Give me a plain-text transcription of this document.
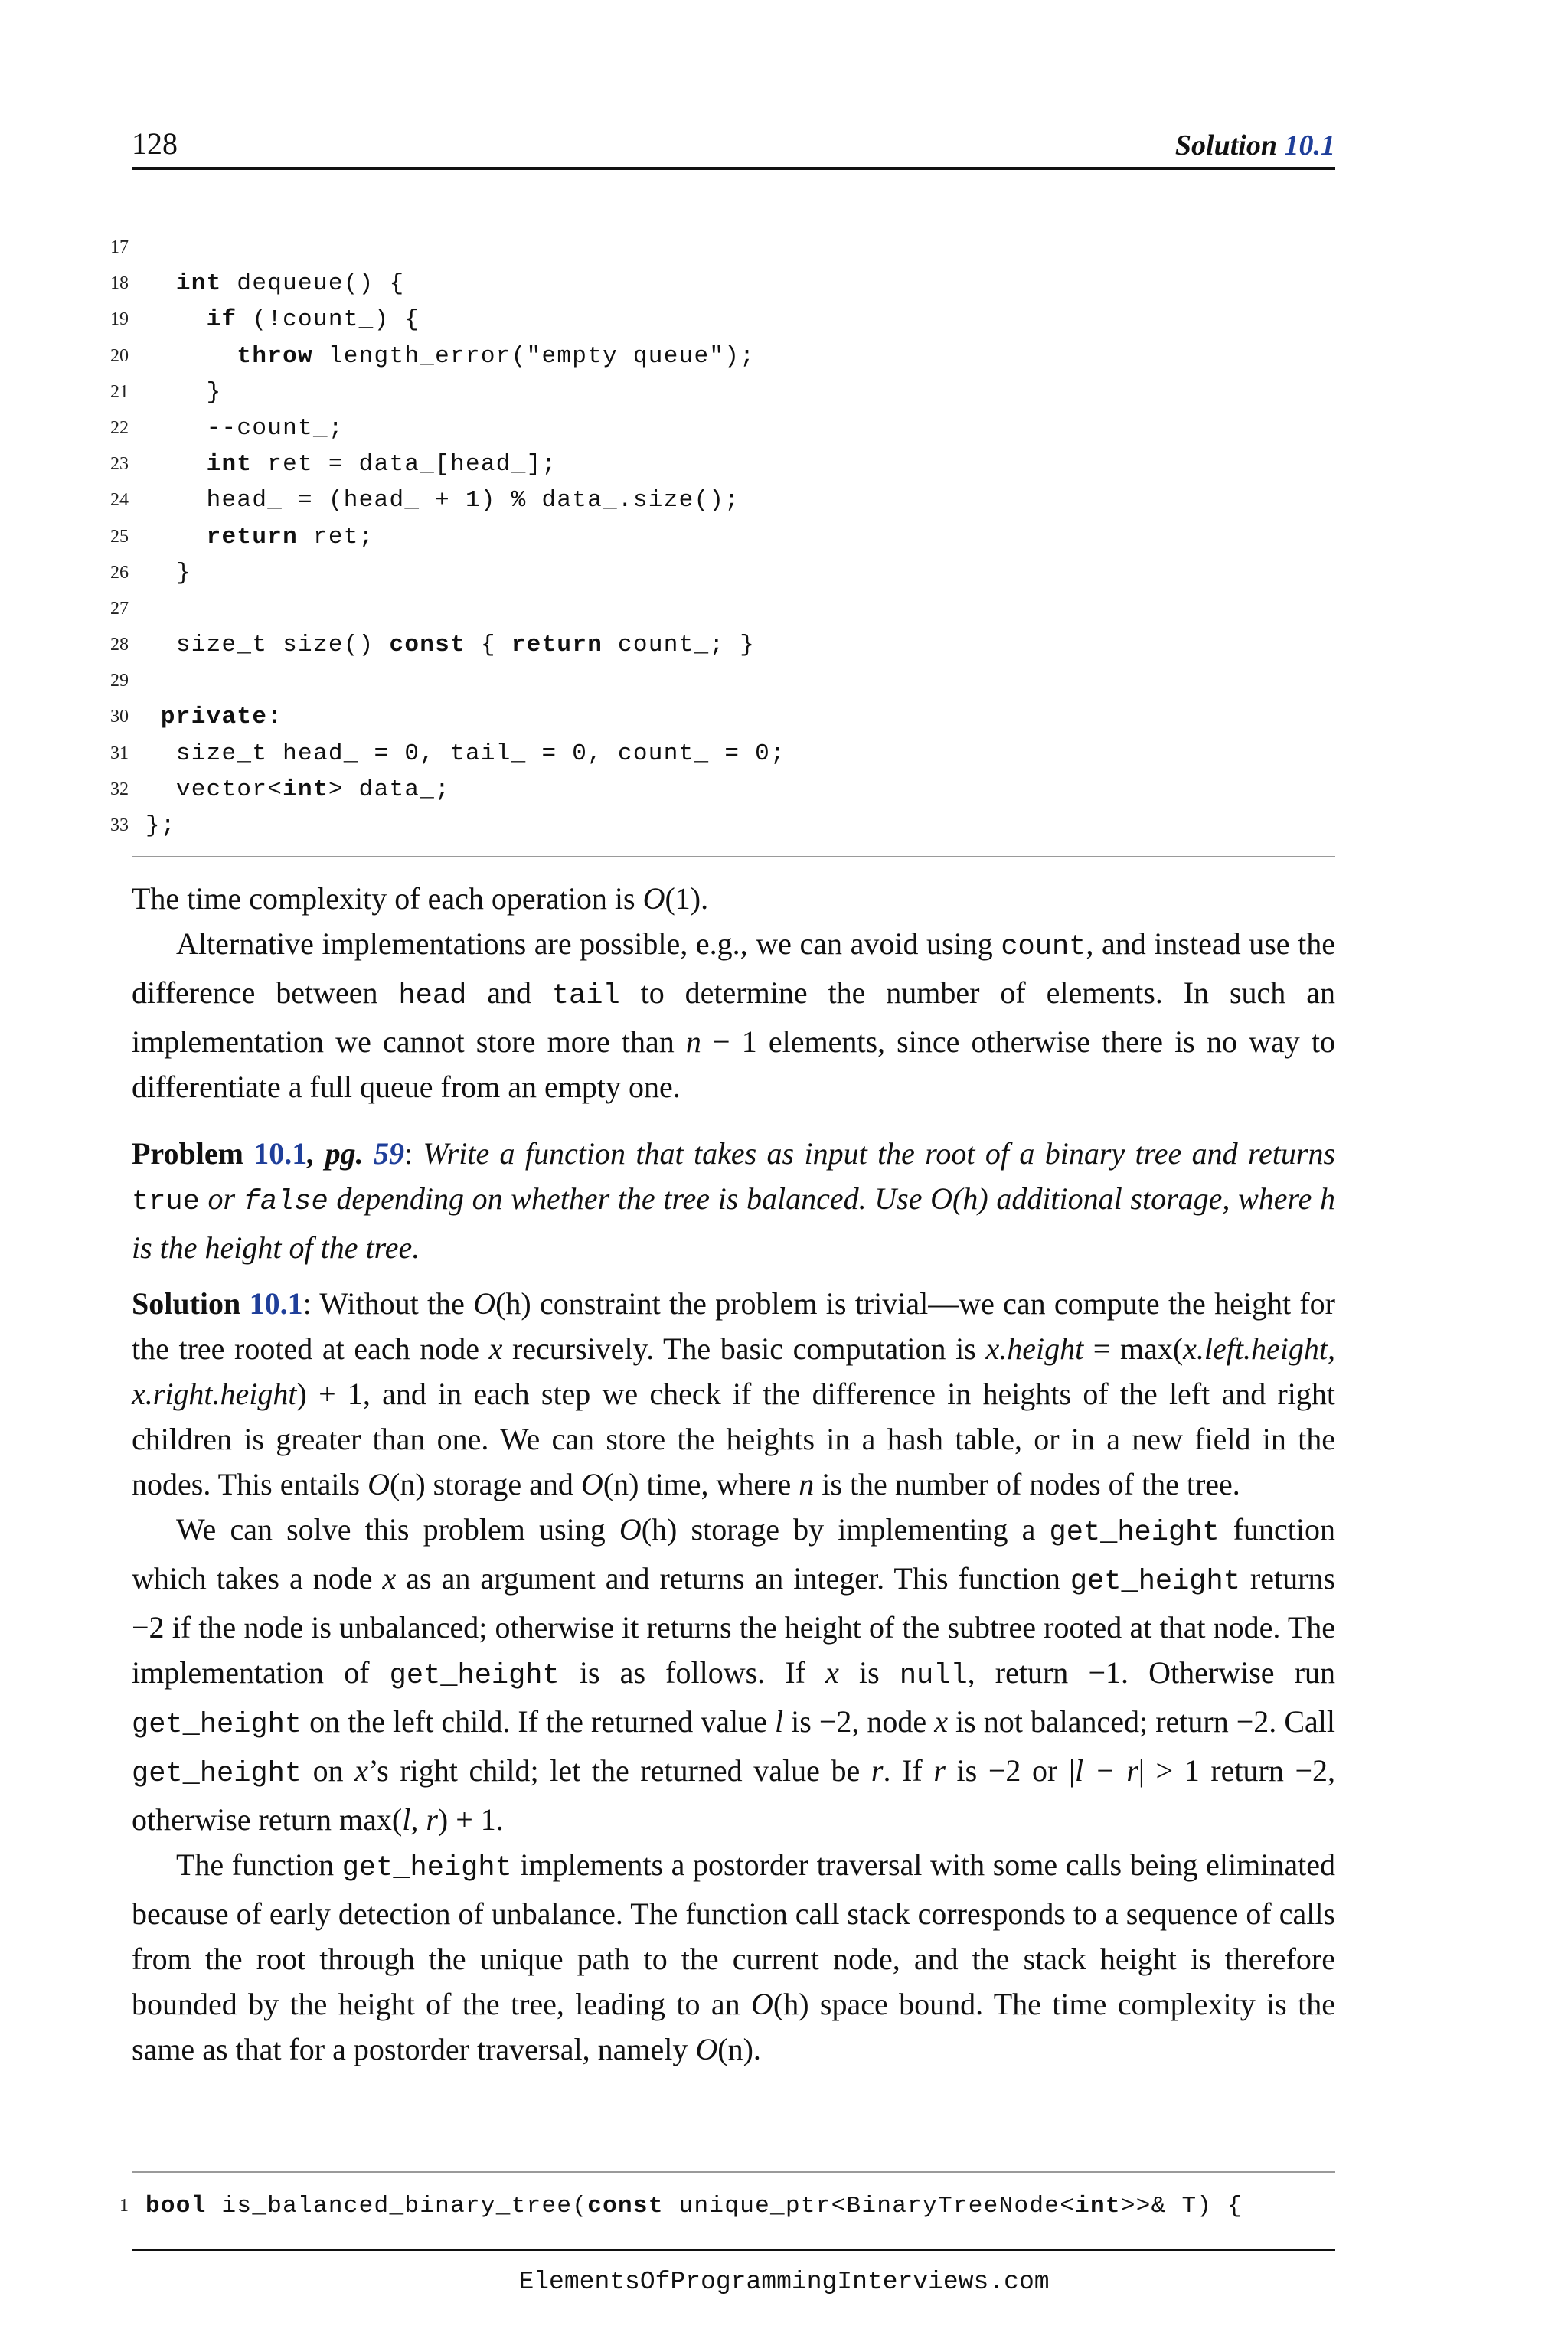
128	Solution 10.1
17
18	int dequeue() {
19	if (!count_) {
20	throw length_error("empty queue");
21	}
22	--count_;
23	int ret = data_[head_];
24	head_ = (head_ + 1) % data_.size();
25	return ret;
26	}
27
28	size_t size() const { return count_; }
29
30	private:
31	size_t head_ = 0, tail_ = 0, count_ = 0;
32	vector<int> data_;
33 };

The time complexity of each operation is O(1).

Alternative implementations are possible, e.g., we can avoid using count, and instead use the difference between head and tail to determine the number of elements. In such an implementation we cannot store more than n − 1 elements, since otherwise there is no way to differentiate a full queue from an empty one.

Problem 10.1, pg. 59: Write a function that takes as input the root of a binary tree and returns true or false depending on whether the tree is balanced. Use O(h) additional storage, where h is the height of the tree.

Solution 10.1: Without the O(h) constraint the problem is trivial—we can compute the height for the tree rooted at each node x recursively. The basic computation is x.height = max(x.left.height, x.right.height) + 1, and in each step we check if the difference in heights of the left and right children is greater than one. We can store the heights in a hash table, or in a new field in the nodes. This entails O(n) storage and O(n) time, where n is the number of nodes of the tree.

We can solve this problem using O(h) storage by implementing a get_height function which takes a node x as an argument and returns an integer. This function get_height returns −2 if the node is unbalanced; otherwise it returns the height of the subtree rooted at that node. The implementation of get_height is as follows. If x is null, return −1. Otherwise run get_height on the left child. If the returned value l is −2, node x is not balanced; return −2. Call get_height on x’s right child; let the returned value be r. If r is −2 or |l − r| > 1 return −2, otherwise return max(l, r) + 1.

The function get_height implements a postorder traversal with some calls being eliminated because of early detection of unbalance. The function call stack corresponds to a sequence of calls from the root through the unique path to the current node, and the stack height is therefore bounded by the height of the tree, leading to an O(h) space bound. The time complexity is the same as that for a postorder traversal, namely O(n).

1 bool is_balanced_binary_tree(const unique_ptr<BinaryTreeNode<int>>& T) {
ElementsOfProgrammingInterviews.com
